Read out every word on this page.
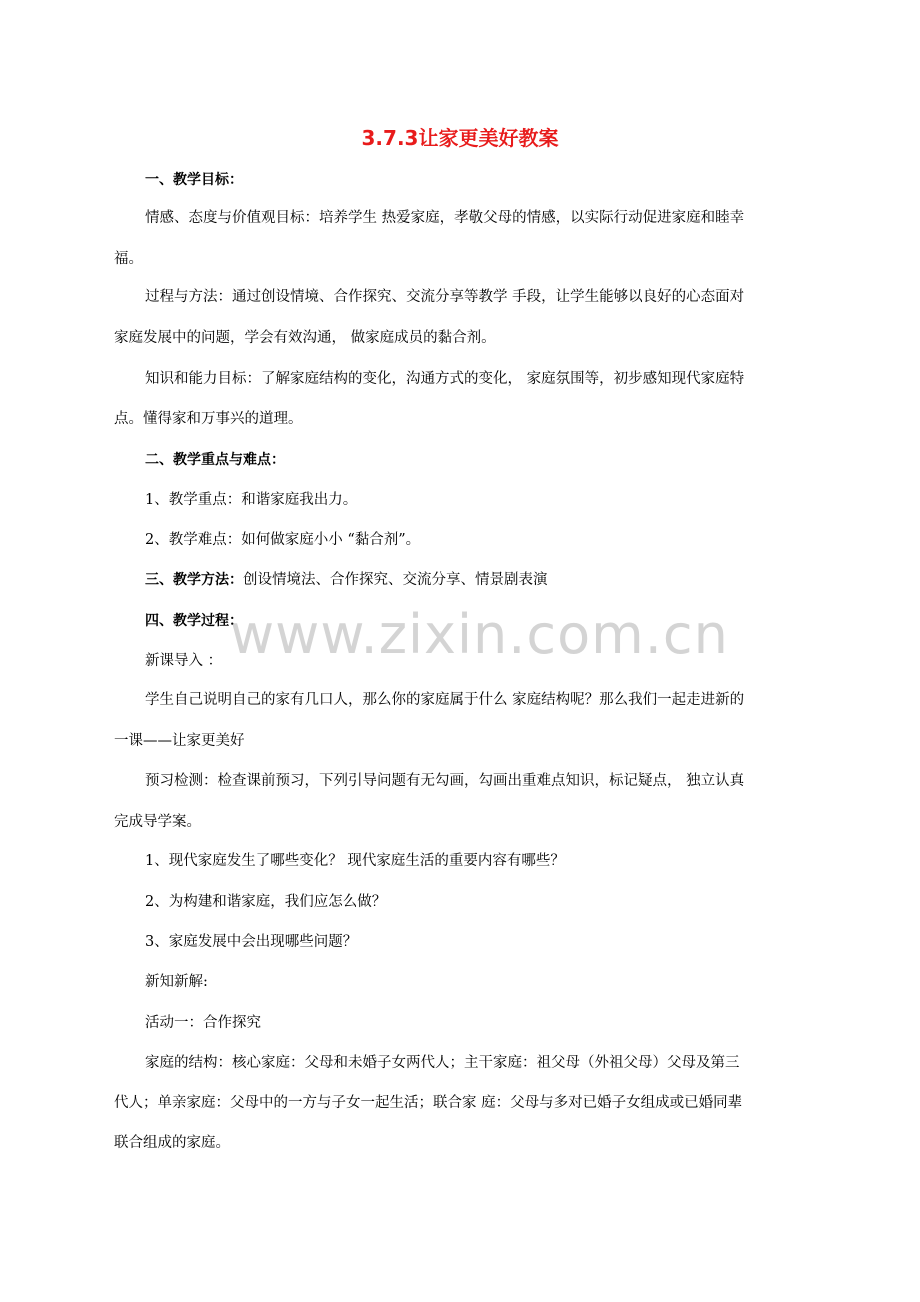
3.7.3让家更美好教案
www.zixin.com.cn
一、教学目标：
情感、态度与价值观目标：培养学生 热爱家庭，孝敬父母的情感，以实际行动促进家庭和睦幸
福。
过程与方法：通过创设情境、合作探究、交流分享等教学 手段，让学生能够以良好的心态面对
家庭发展中的问题，学会有效沟通， 做家庭成员的黏合剂。
知识和能力目标：了解家庭结构的变化，沟通方式的变化， 家庭氛围等，初步感知现代家庭特
点。懂得家和万事兴的道理。
二、教学重点与难点：
1、教学重点：和谐家庭我出力。
2、教学难点：如何做家庭小小 “黏合剂”。
三、教学方法：创设情境法、合作探究、交流分享、情景剧表演
四、教学过程：
新课导入 ：
学生自己说明自己的家有几口人，那么你的家庭属于什么 家庭结构呢？那么我们一起走进新的
一课——让家更美好
预习检测：检查课前预习，下列引导问题有无勾画，勾画出重难点知识，标记疑点， 独立认真
完成导学案。
1、现代家庭发生了哪些变化？ 现代家庭生活的重要内容有哪些？
2、为构建和谐家庭，我们应怎么做？
3、家庭发展中会出现哪些问题？
新知新解:
活动一：合作探究
家庭的结构：核心家庭：父母和未婚子女两代人；主干家庭：祖父母（外祖父母）父母及第三
代人；单亲家庭：父母中的一方与子女一起生活；联合家 庭：父母与多对已婚子女组成或已婚同辈
联合组成的家庭。
